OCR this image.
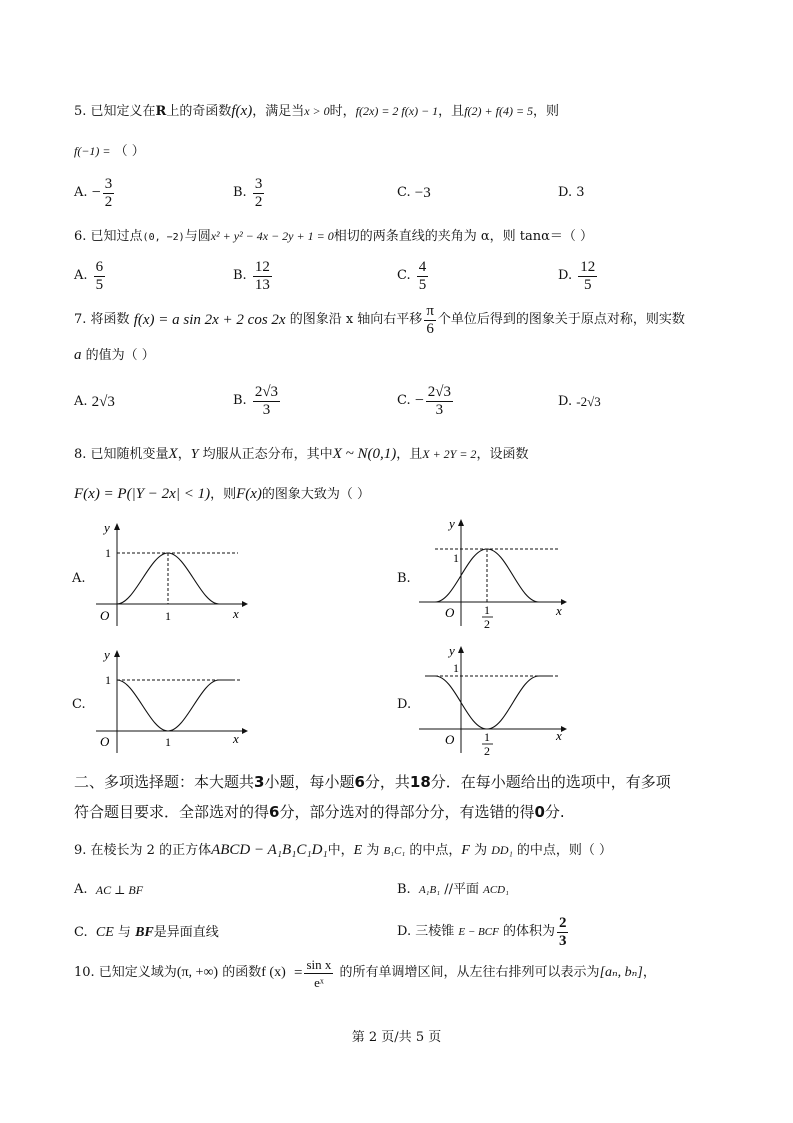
5. 已知定义在R上的奇函数f(x)，满足当x > 0时，f(2x) = 2 f(x) − 1，且f(2) + f(4) = 5，则
f(−1) = （ ）
A.
− $\frac{3}{2}$	B.
$\frac{3}{2}$	C.
−3	D. 3
6. 已知过点(0, −2)与圆x² + y² − 4x − 2y + 1 = 0相切的两条直线的夹角为 α，则 tanα＝（ ）
A.
$\frac{6}{5}$	B.
$\frac{12}{13}$	C.
$\frac{4}{5}$	D.
$\frac{12}{5}$
7. 将函数
f(x) = a sin 2x + 2 cos 2x
的图象沿 x 轴向右平移 $\frac{\pi}{6}$ 个单位后得到的图象关于原点对称，则实数
a 的值为（ ）
A.
2√3	B.
$\frac{2√3}{3}$	C.
− $\frac{2√3}{3}$	D.
-2√3
8. 已知随机变量X，Y 均服从正态分布，其中X ~ N(0,1)，且X + 2Y = 2，设函数
F(x) = P(|Y − 2x| < 1)，则F(x)的图象大致为（ ）
A.	B.
C.	D.
y
1
O	1	x
y
1
O 1
2
x
y
1
O	1	x
y
1
O 1
2
x
二、多项选择题：本大题共3小题，每小题6分，共18分．在每小题给出的选项中，有多项
符合题目要求．全部选对的得6分，部分选对的得部分分，有选错的得0分.
9. 在棱长为 2 的正方体ABCD − A₁B₁C₁D₁中，E 为 B₁C₁ 的中点，F 为 DD₁ 的中点，则（ ）
A.
AC ⊥ BF	B.
A₁B₁
//平面
ACD₁
C.
CE
与
BF 是异面直线	D. 三棱锥
E − BCF
的体积为 $\frac{2}{3}$
10. 已知定义域为 (π, +∞)
的函数 f (x)
= $\frac{\text{sin x}}{\text{eˣ}}$
的所有单调增区间，从左往右排列可以表示为 [aₙ, bₙ] ，
第 2 页/共 5 页
